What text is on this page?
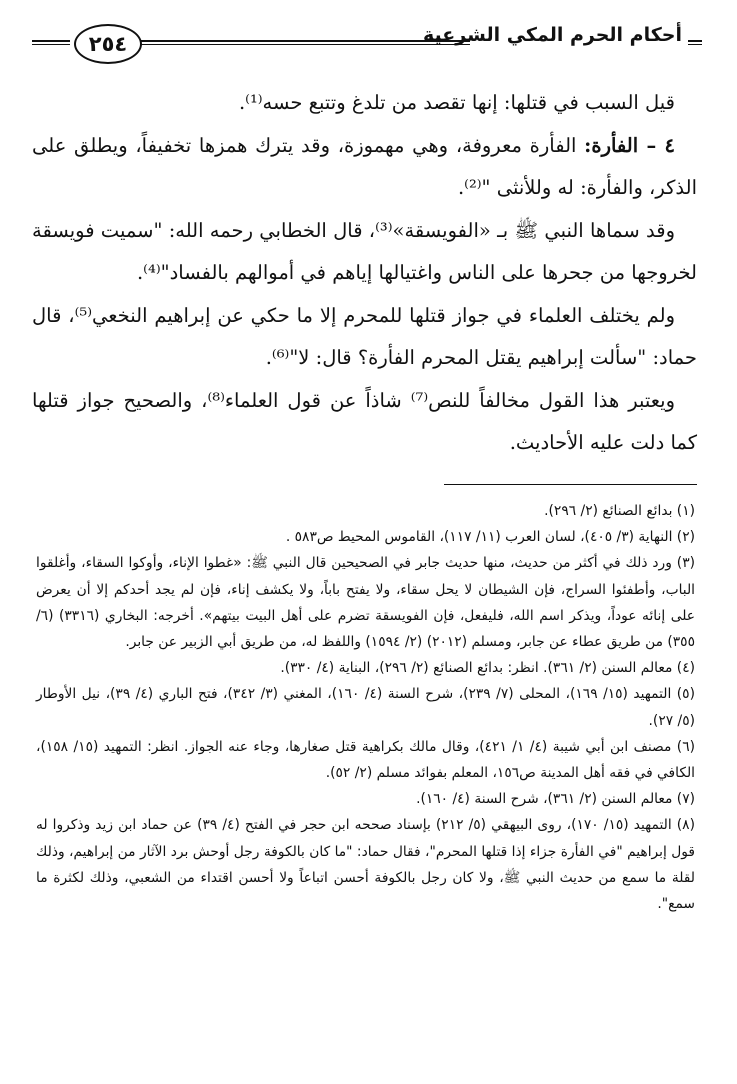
أحكام الحرم المكي الشرعية
٢٥٤

قيل السبب في قتلها: إنها تقصد من تلدغ وتتبع حسه⁽¹⁾.

٤ – الفأرة: الفأرة معروفة، وهي مهموزة، وقد يترك همزها تخفيفاً، ويطلق على الذكر، والفأرة: له وللأنثى "⁽²⁾.

وقد سماها النبي ﷺ بـ «الفويسقة»⁽³⁾، قال الخطابي رحمه الله: "سميت فويسقة لخروجها من جحرها على الناس واغتيالها إياهم في أموالهم بالفساد"⁽⁴⁾.

ولم يختلف العلماء في جواز قتلها للمحرم إلا ما حكي عن إبراهيم النخعي⁽⁵⁾، قال حماد: "سألت إبراهيم يقتل المحرم الفأرة؟ قال: لا"⁽⁶⁾.

ويعتبر هذا القول مخالفاً للنص⁽⁷⁾ شاذاً عن قول العلماء⁽⁸⁾، والصحيح جواز قتلها كما دلت عليه الأحاديث.

(١) بدائع الصنائع (٢/ ٢٩٦).

(٢) النهاية (٣/ ٤٠٥)، لسان العرب (١١/ ١١٧)، القاموس المحيط ص٥٨٣ .

(٣) ورد ذلك في أكثر من حديث، منها حديث جابر في الصحيحين قال النبي ﷺ: «غطوا الإناء، وأوكوا السقاء، وأغلقوا الباب، وأطفئوا السراج، فإن الشيطان لا يحل سقاء، ولا يفتح باباً، ولا يكشف إناء، فإن لم يجد أحدكم إلا أن يعرض على إنائه عوداً، ويذكر اسم الله، فليفعل، فإن الفويسقة تضرم على أهل البيت بيتهم». أخرجه: البخاري (٣٣١٦) (٦/ ٣٥٥) من طريق عطاء عن جابر، ومسلم (٢٠١٢) (٢/ ١٥٩٤) واللفظ له، من طريق أبي الزبير عن جابر.

(٤) معالم السنن (٢/ ٣٦١). انظر: بدائع الصنائع (٢/ ٢٩٦)، البناية (٤/ ٣٣٠).

(٥) التمهيد (١٥/ ١٦٩)، المحلى (٧/ ٢٣٩)، شرح السنة (٤/ ١٦٠)، المغني (٣/ ٣٤٢)، فتح الباري (٤/ ٣٩)، نيل الأوطار (٥/ ٢٧).

(٦) مصنف ابن أبي شيبة (٤/ ١/ ٤٢١)، وقال مالك بكراهية قتل صغارها، وجاء عنه الجواز. انظر: التمهيد (١٥/ ١٥٨)، الكافي في فقه أهل المدينة ص١٥٦، المعلم بفوائد مسلم (٢/ ٥٢).

(٧) معالم السنن (٢/ ٣٦١)، شرح السنة (٤/ ١٦٠).

(٨) التمهيد (١٥/ ١٧٠)، روى البيهقي (٥/ ٢١٢) بإسناد صححه ابن حجر في الفتح (٤/ ٣٩) عن حماد ابن زيد وذكروا له قول إبراهيم "في الفأرة جزاء إذا قتلها المحرم"، فقال حماد: "ما كان بالكوفة رجل أوحش برد الآثار من إبراهيم، وذلك لقلة ما سمع من حديث النبي ﷺ، ولا كان رجل بالكوفة أحسن اتباعاً ولا أحسن اقتداء من الشعبي، وذلك لكثرة ما سمع".
